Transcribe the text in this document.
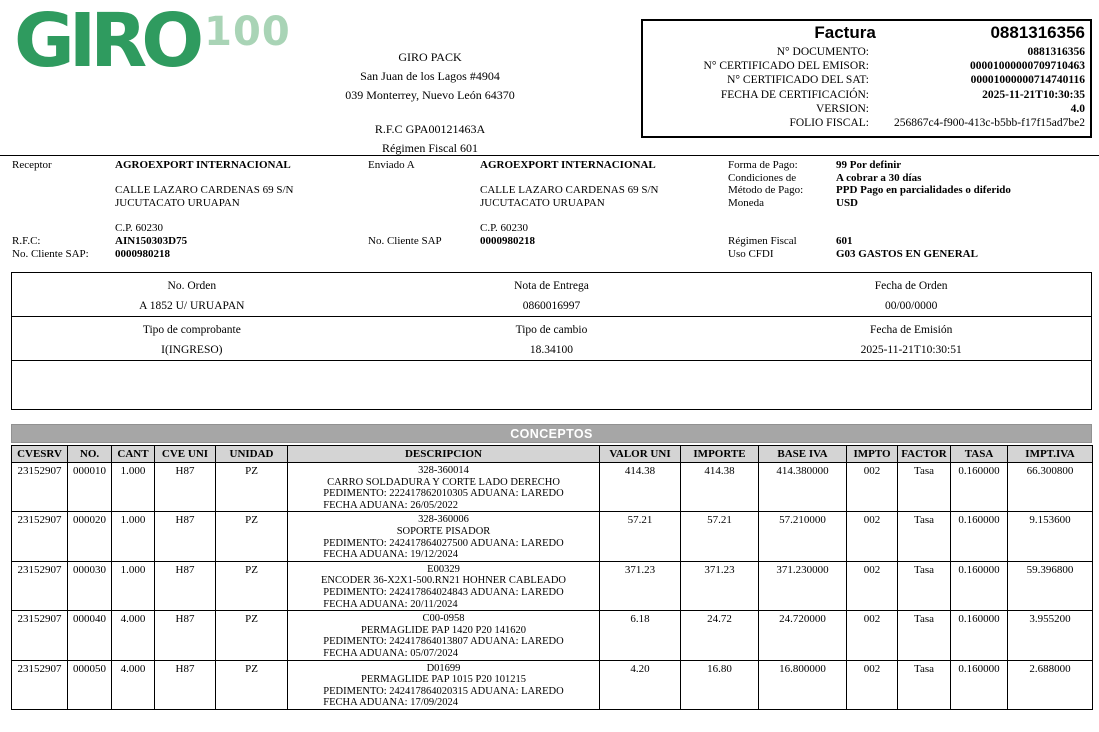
GIRO 100
GIRO PACK
San Juan de los Lagos #4904
039 Monterrey, Nuevo León 64370
R.F.C GPA00121463A
Régimen Fiscal 601
Factura	0881316356
N° DOCUMENTO:	0881316356
N° CERTIFICADO DEL EMISOR:	00001000000709710463
N° CERTIFICADO DEL SAT:	00001000000714740116
FECHA DE CERTIFICACIÓN:	2025-11-21T10:30:35
VERSION:	4.0
FOLIO FISCAL:	256867c4-f900-413c-b5bb-f17f15ad7be2
Receptor	AGROEXPORT INTERNACIONAL
CALLE LAZARO CARDENAS 69 S/N
JUCUTACATO URUAPAN
C.P. 60230
R.F.C:	AIN150303D75
No. Cliente SAP:	0000980218
Enviado A	AGROEXPORT INTERNACIONAL
CALLE LAZARO CARDENAS 69 S/N
JUCUTACATO URUAPAN
C.P. 60230
No. Cliente SAP	0000980218
Forma de Pago:	99 Por definir
Condiciones de	A cobrar a 30 días
Método de Pago:	PPD Pago en parcialidades o diferido
Moneda	USD
Régimen Fiscal	601
Uso CFDI	G03 GASTOS EN GENERAL
No. Orden	Nota de Entrega	Fecha de Orden
A 1852 U/ URUAPAN	0860016997	00/00/0000
Tipo de comprobante	Tipo de cambio	Fecha de Emisión
I(INGRESO)	18.34100	2025-11-21T10:30:51
CONCEPTOS
CVESRV	NO.	CANT	CVE UNI	UNIDAD	DESCRIPCION	VALOR UNI	IMPORTE	BASE IVA	IMPTO	FACTOR	TASA	IMPT.IVA
23152907	000010	1.000	H87	PZ	328-360014
CARRO SOLDADURA Y CORTE LADO DERECHO
PEDIMENTO: 222417862010305 ADUANA: LAREDO
FECHA ADUANA: 26/05/2022	414.38	414.38	414.380000	002	Tasa	0.160000	66.300800
23152907	000020	1.000	H87	PZ	328-360006
SOPORTE PISADOR
PEDIMENTO: 242417864027500 ADUANA: LAREDO
FECHA ADUANA: 19/12/2024	57.21	57.21	57.210000	002	Tasa	0.160000	9.153600
23152907	000030	1.000	H87	PZ	E00329
ENCODER 36-X2X1-500.RN21 HOHNER CABLEADO
PEDIMENTO: 242417864024843 ADUANA: LAREDO
FECHA ADUANA: 20/11/2024	371.23	371.23	371.230000	002	Tasa	0.160000	59.396800
23152907	000040	4.000	H87	PZ	C00-0958
PERMAGLIDE PAP 1420 P20 141620
PEDIMENTO: 242417864013807 ADUANA: LAREDO
FECHA ADUANA: 05/07/2024	6.18	24.72	24.720000	002	Tasa	0.160000	3.955200
23152907	000050	4.000	H87	PZ	D01699
PERMAGLIDE PAP 1015 P20 101215
PEDIMENTO: 242417864020315 ADUANA: LAREDO
FECHA ADUANA: 17/09/2024	4.20	16.80	16.800000	002	Tasa	0.160000	2.688000
